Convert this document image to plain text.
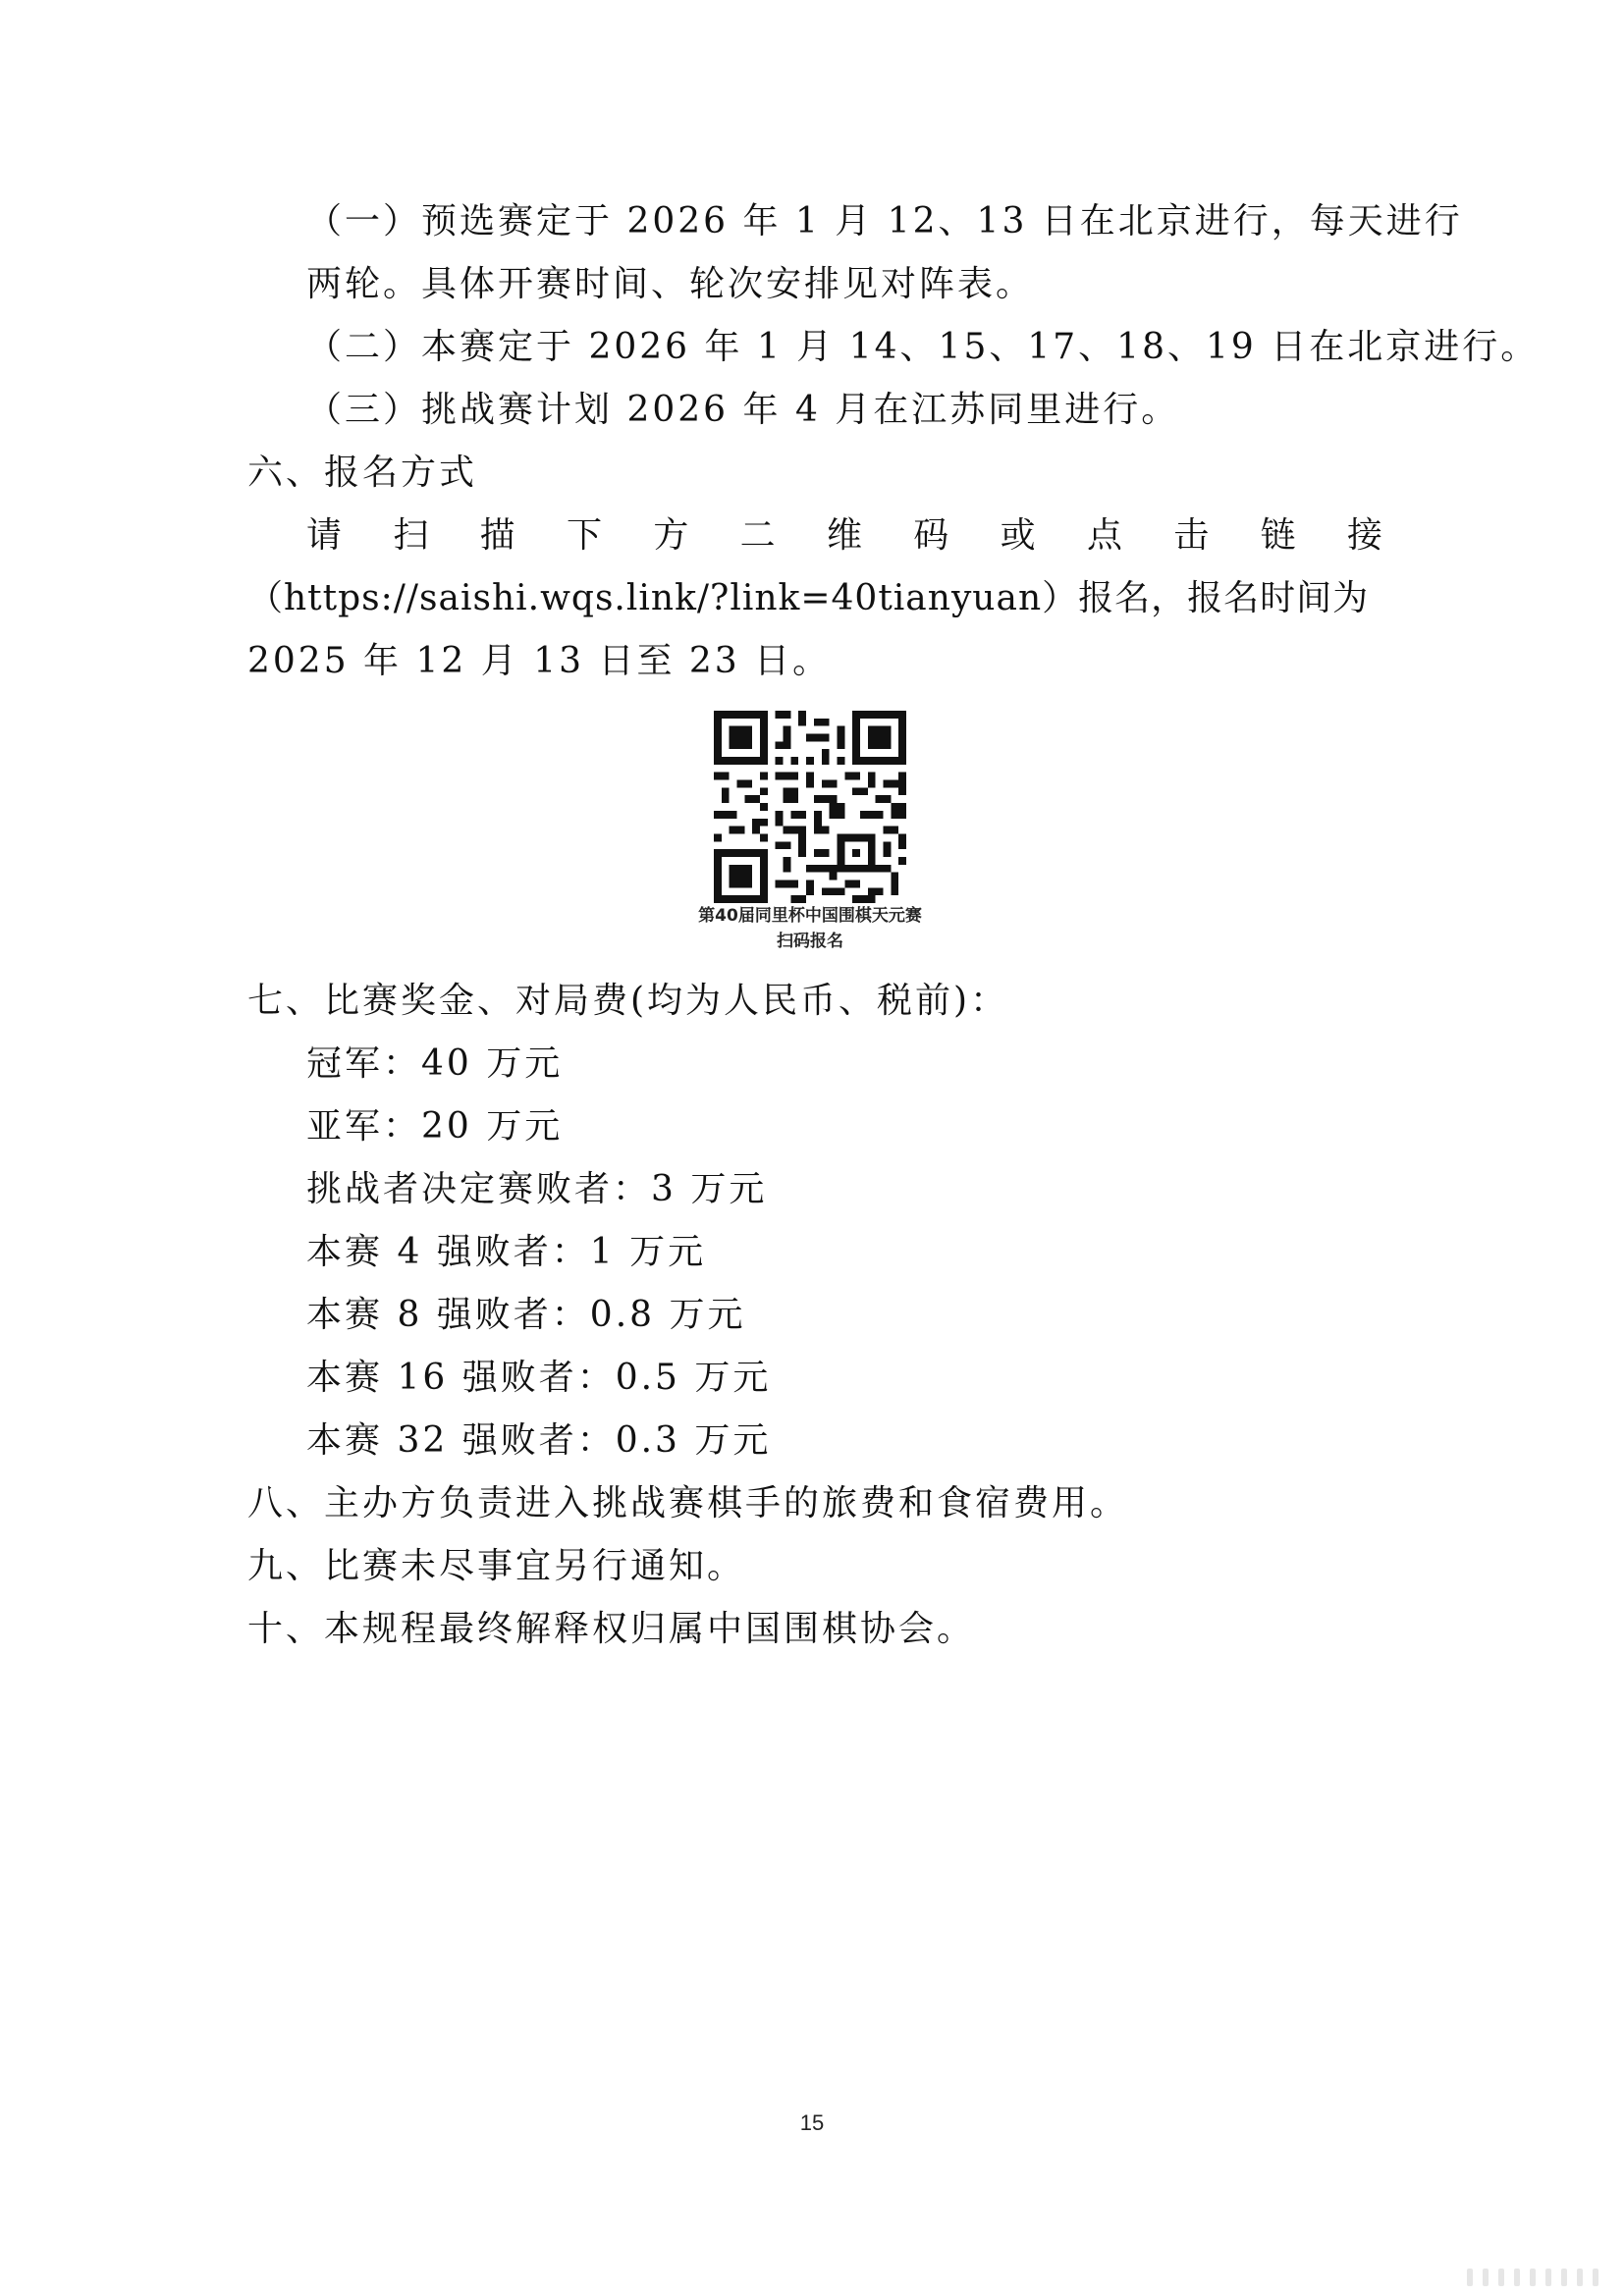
（一）预选赛定于 2026 年 1 月 12、13 日在北京进行，每天进行
两轮。具体开赛时间、轮次安排见对阵表。
（二）本赛定于 2026 年 1 月 14、15、17、18、19 日在北京进行。
（三）挑战赛计划 2026 年 4 月在江苏同里进行。
六、报名方式
请 扫 描 下 方 二 维 码 或 点 击 链 接
（https://saishi.wqs.link/?link=40tianyuan）报名，报名时间为
2025 年 12 月 13 日至 23 日。
第40届同里杯中国围棋天元赛
扫码报名
七、比赛奖金、对局费(均为人民币、税前)：
冠军：40 万元
亚军：20 万元
挑战者决定赛败者：3 万元
本赛 4 强败者：1 万元
本赛 8 强败者：0.8 万元
本赛 16 强败者：0.5 万元
本赛 32 强败者：0.3 万元
八、主办方负责进入挑战赛棋手的旅费和食宿费用。
九、比赛未尽事宜另行通知。
十、本规程最终解释权归属中国围棋协会。
15
